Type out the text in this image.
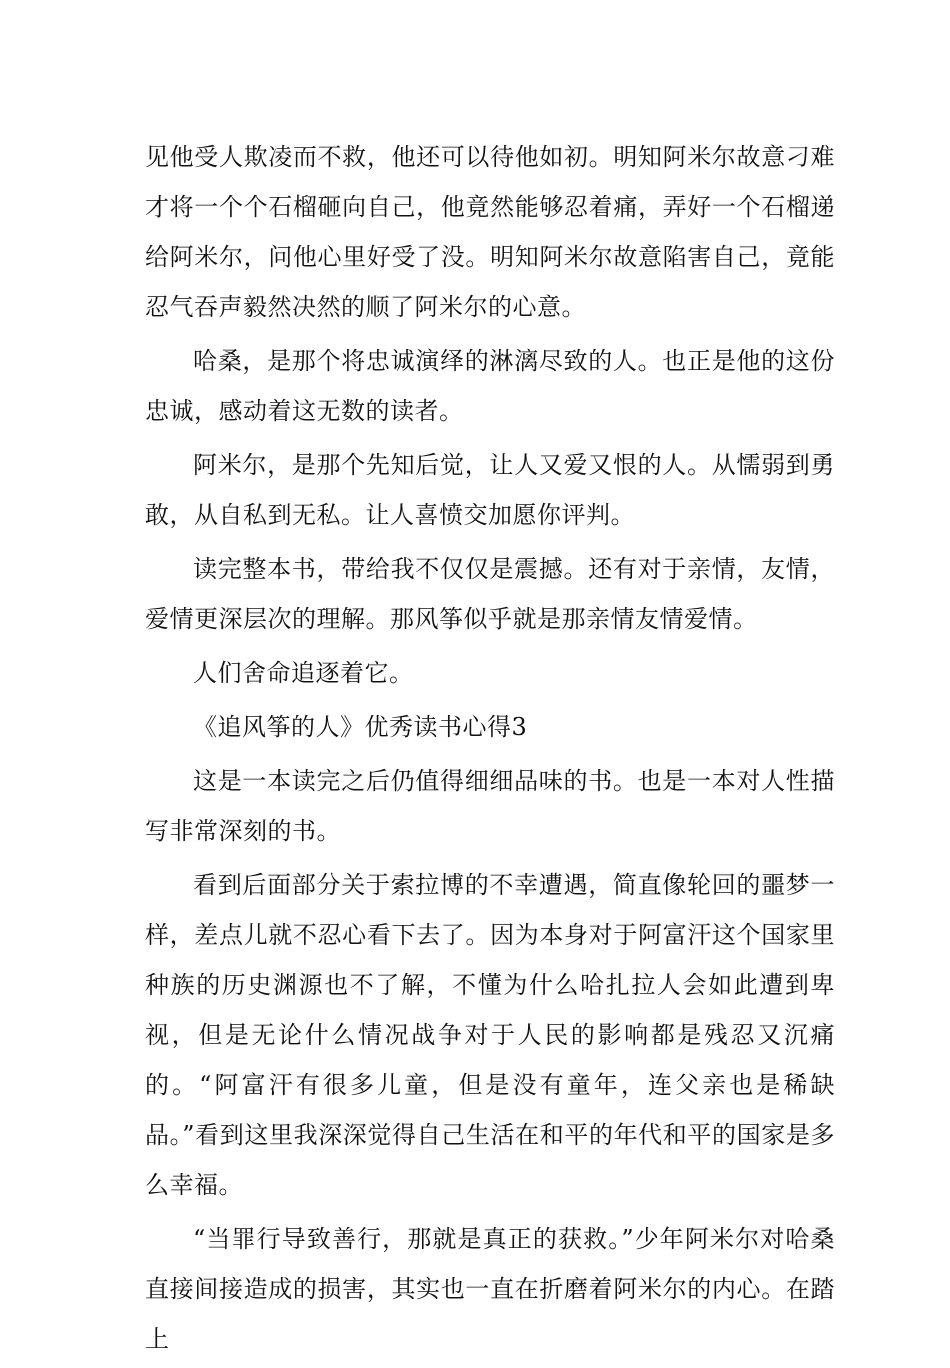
见他受人欺凌而不救，他还可以待他如初。明知阿米尔故意刁难才将一个个石榴砸向自己，他竟然能够忍着痛，弄好一个石榴递给阿米尔，问他心里好受了没。明知阿米尔故意陷害自己，竟能忍气吞声毅然决然的顺了阿米尔的心意。

哈桑，是那个将忠诚演绎的淋漓尽致的人。也正是他的这份忠诚，感动着这无数的读者。

阿米尔，是那个先知后觉，让人又爱又恨的人。从懦弱到勇敢，从自私到无私。让人喜愤交加愿你评判。

读完整本书，带给我不仅仅是震撼。还有对于亲情，友情，爱情更深层次的理解。那风筝似乎就是那亲情友情爱情。

人们舍命追逐着它。

《追风筝的人》优秀读书心得3

这是一本读完之后仍值得细细品味的书。也是一本对人性描写非常深刻的书。

看到后面部分关于索拉博的不幸遭遇，简直像轮回的噩梦一样，差点儿就不忍心看下去了。因为本身对于阿富汗这个国家里种族的历史渊源也不了解，不懂为什么哈扎拉人会如此遭到卑视，但是无论什么情况战争对于人民的影响都是残忍又沉痛的。“阿富汗有很多儿童，但是没有童年，连父亲也是稀缺品。”看到这里我深深觉得自己生活在和平的年代和平的国家是多么幸福。

“当罪行导致善行，那就是真正的获救。”少年阿米尔对哈桑直接间接造成的损害，其实也一直在折磨着阿米尔的内心。在踏上
